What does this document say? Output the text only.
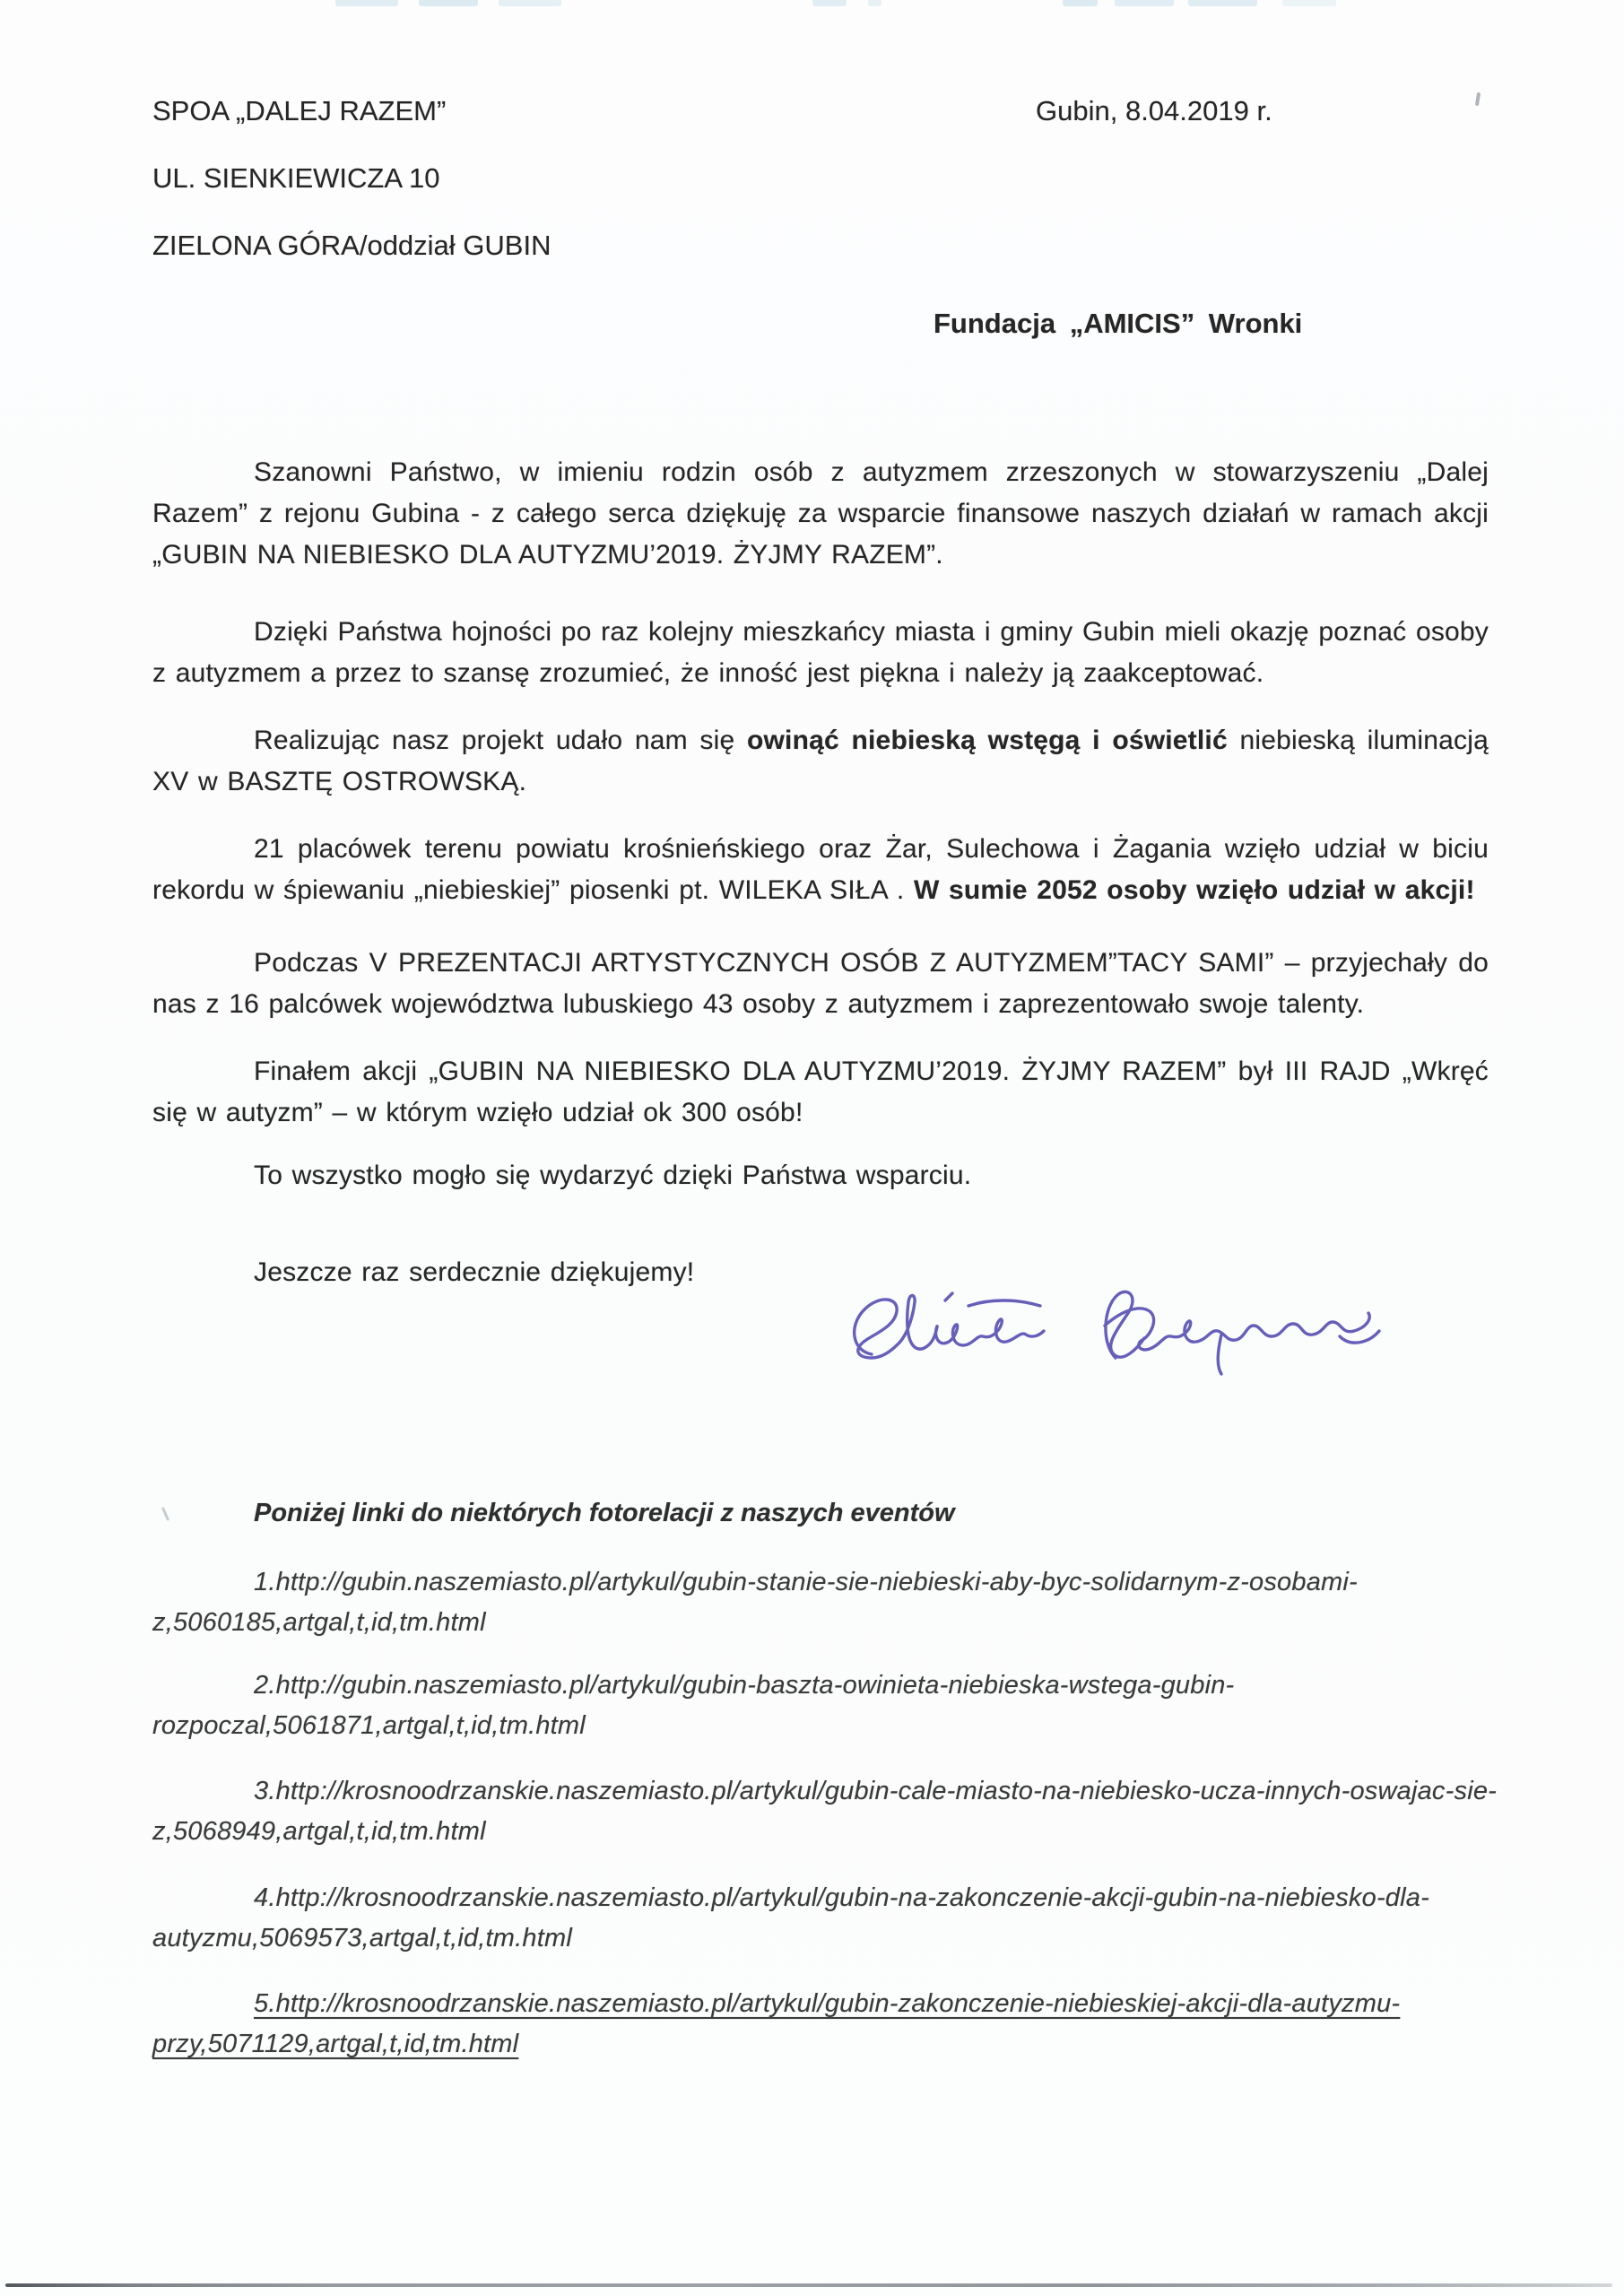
SPOA „DALEJ RAZEM”
UL. SIENKIEWICZA 10
ZIELONA GÓRA/oddział GUBIN
Gubin, 8.04.2019 r.
Fundacja „AMICIS” Wronki
Szanowni Państwo, w imieniu rodzin osób z autyzmem zrzeszonych w stowarzyszeniu „Dalej Razem” z rejonu Gubina - z całego serca dziękuję za wsparcie finansowe naszych działań w ramach akcji „GUBIN NA NIEBIESKO DLA AUTYZMU’2019. ŻYJMY RAZEM”.
Dzięki Państwa hojności po raz kolejny mieszkańcy miasta i gminy Gubin mieli okazję poznać osoby z autyzmem a przez to szansę zrozumieć, że inność jest piękna i należy ją zaakceptować.
Realizując nasz projekt udało nam się owinąć niebieską wstęgą i oświetlić niebieską iluminacją XV w BASZTĘ OSTROWSKĄ.
21 placówek terenu powiatu krośnieńskiego oraz Żar, Sulechowa i Żagania wzięło udział w biciu rekordu w śpiewaniu „niebieskiej” piosenki pt. WILEKA SIŁA . W sumie 2052 osoby wzięło udział w akcji!
Podczas V PREZENTACJI ARTYSTYCZNYCH OSÓB Z AUTYZMEM”TACY SAMI” – przyjechały do nas z 16 palcówek województwa lubuskiego 43 osoby z autyzmem i zaprezentowało swoje talenty.
Finałem akcji „GUBIN NA NIEBIESKO DLA AUTYZMU’2019. ŻYJMY RAZEM” był III RAJD „Wkręć się w autyzm” – w którym wzięło udział ok 300 osób!
To wszystko mogło się wydarzyć dzięki Państwa wsparciu.
Jeszcze raz serdecznie dziękujemy!
Poniżej linki do niektórych fotorelacji z naszych eventów
1.http://gubin.naszemiasto.pl/artykul/gubin-stanie-sie-niebieski-aby-byc-solidarnym-z-osobami-
z,5060185,artgal,t,id,tm.html
2.http://gubin.naszemiasto.pl/artykul/gubin-baszta-owinieta-niebieska-wstega-gubin-
rozpoczal,5061871,artgal,t,id,tm.html
3.http://krosnoodrzanskie.naszemiasto.pl/artykul/gubin-cale-miasto-na-niebiesko-ucza-innych-oswajac-sie-
z,5068949,artgal,t,id,tm.html
4.http://krosnoodrzanskie.naszemiasto.pl/artykul/gubin-na-zakonczenie-akcji-gubin-na-niebiesko-dla-
autyzmu,5069573,artgal,t,id,tm.html
5.http://krosnoodrzanskie.naszemiasto.pl/artykul/gubin-zakonczenie-niebieskiej-akcji-dla-autyzmu-
przy,5071129,artgal,t,id,tm.html
